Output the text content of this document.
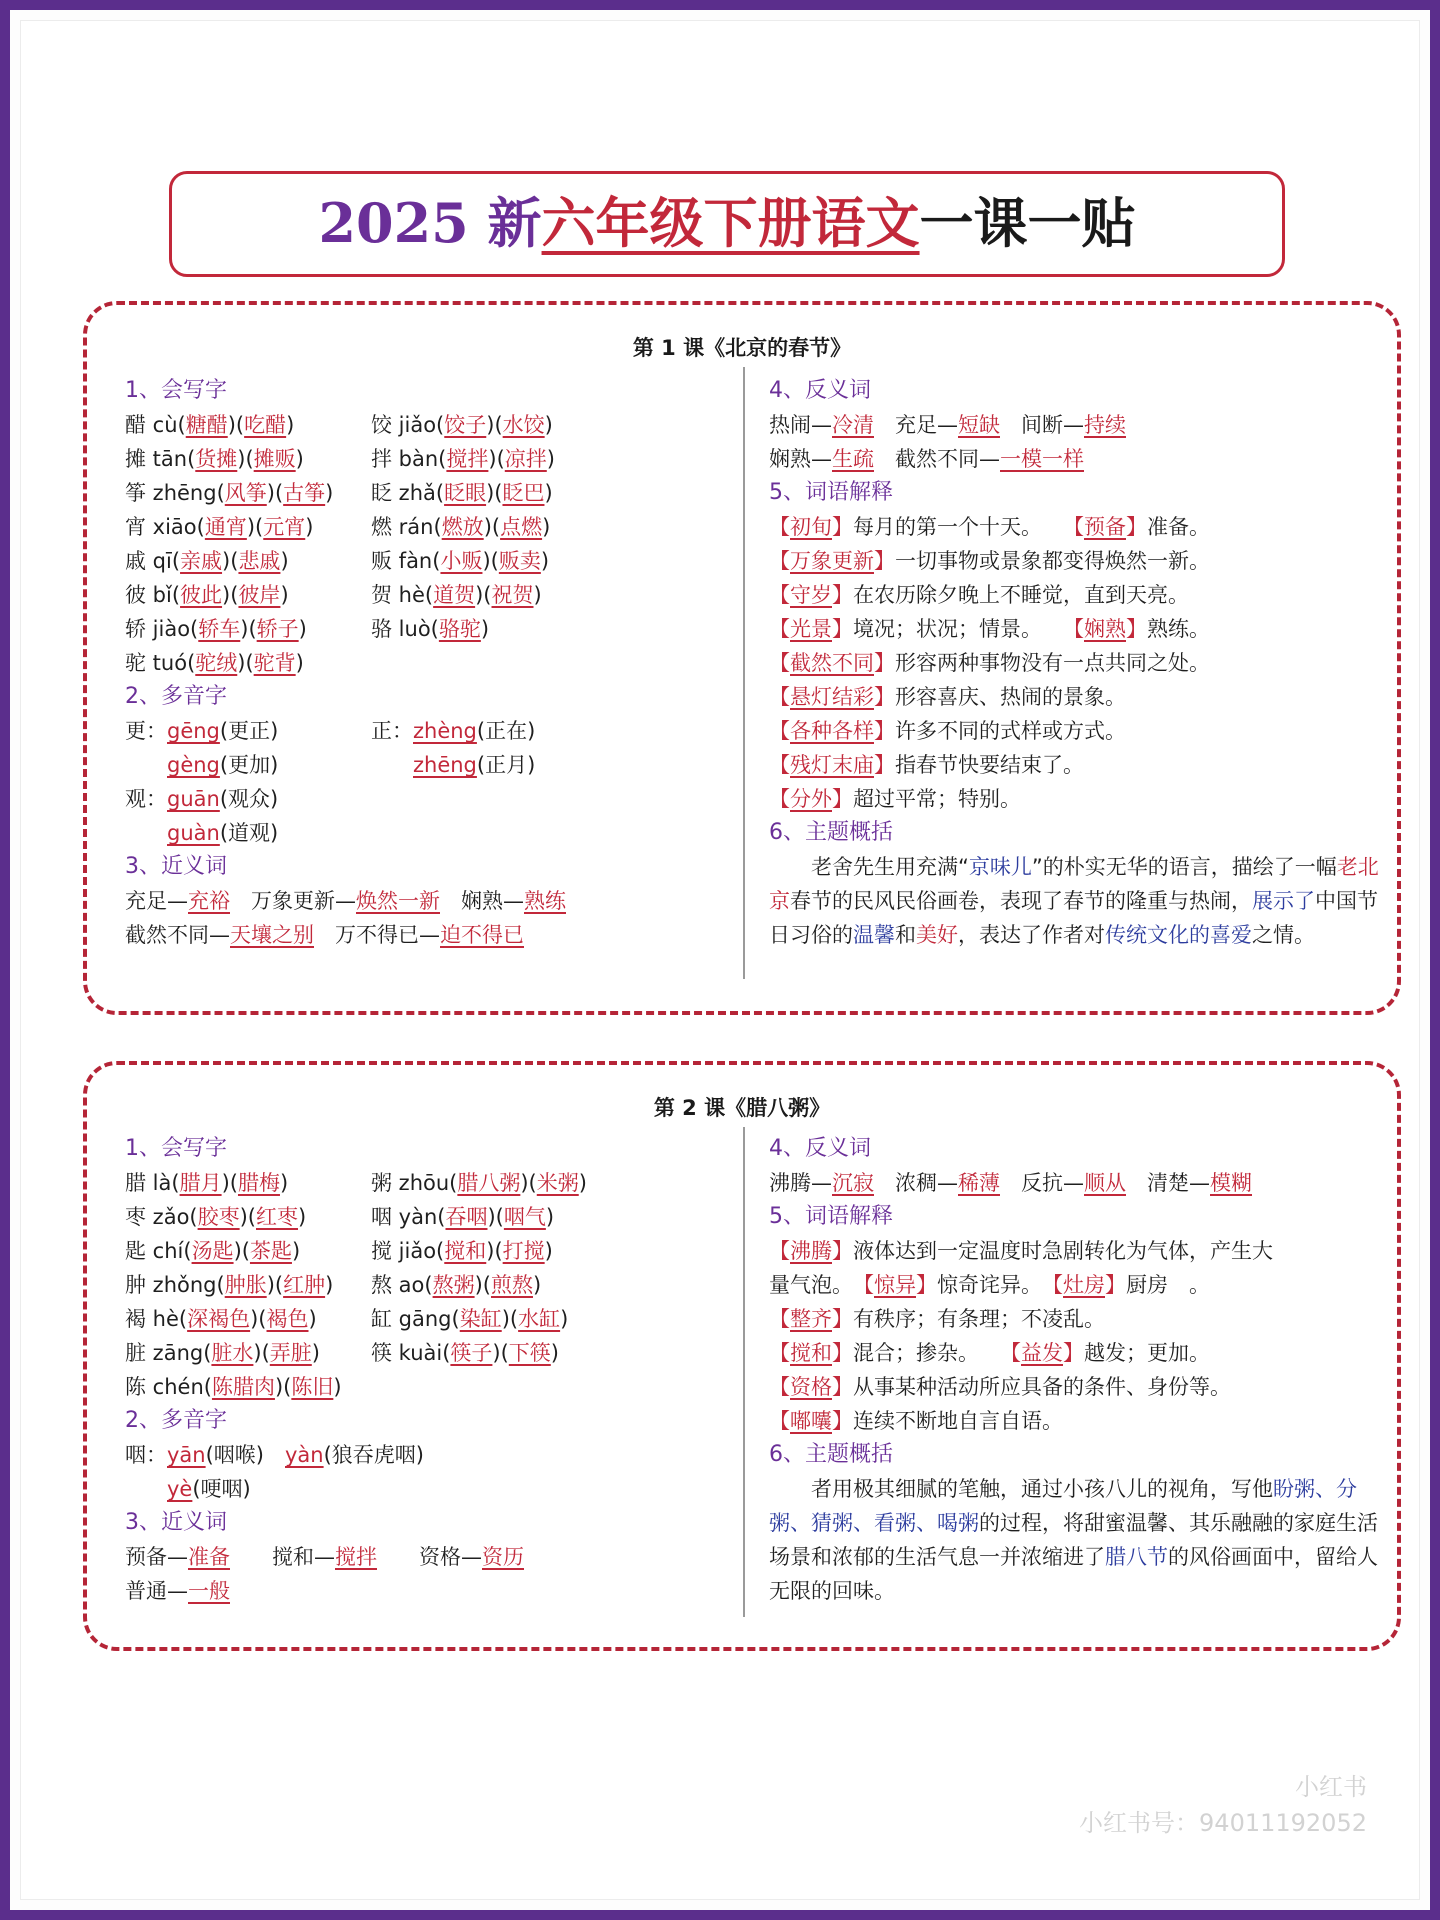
2025 新六年级下册语文一课一贴
第 1 课《北京的春节》
1、会写字
醋 cù(糖醋)(吃醋)	饺 jiǎo(饺子)(水饺)
摊 tān(货摊)(摊贩)	拌 bàn(搅拌)(凉拌)
筝 zhēng(风筝)(古筝) 眨 zhǎ(眨眼)(眨巴)
宵 xiāo(通宵)(元宵)	燃 rán(燃放)(点燃)
戚 qī(亲戚)(悲戚)	贩 fàn(小贩)(贩卖)
彼 bǐ(彼此)(彼岸)	贺 hè(道贺)(祝贺)
轿 jiào(轿车)(轿子)	骆 luò(骆驼)
驼 tuó(驼绒)(驼背)
2、多音字
更：gēng(更正)	正：zhèng(正在)
　　gèng(更加)　　	zhēng(正月)
观：guān(观众)
　　guàn(道观)
3、近义词
充足—充裕　万象更新—焕然一新　娴熟—熟练
截然不同—天壤之别　万不得已—迫不得已
4、反义词
热闹—冷清　充足—短缺　间断—持续
娴熟—生疏　截然不同—一模一样
5、词语解释
【初旬】每月的第一个十天。　　【预备】准备。
【万象更新】一切事物或景象都变得焕然一新。
【守岁】在农历除夕晚上不睡觉，直到天亮。
【光景】境况；状况；情景。　　【娴熟】熟练。
【截然不同】形容两种事物没有一点共同之处。
【悬灯结彩】形容喜庆、热闹的景象。
【各种各样】许多不同的式样或方式。
【残灯末庙】指春节快要结束了。
【分外】超过平常；特别。
6、主题概括
老舍先生用充满“京味儿”的朴实无华的语言，描绘了一幅老北京春节的民风民俗画卷，表现了春节的隆重与热闹，展示了中国节日习俗的温馨和美好，表达了作者对传统文化的喜爱之情。
第 2 课《腊八粥》
1、会写字
腊 là(腊月)(腊梅)	粥 zhōu(腊八粥)(米粥)
枣 zǎo(胶枣)(红枣)	咽 yàn(吞咽)(咽气)
匙 chí(汤匙)(茶匙)	搅 jiǎo(搅和)(打搅)
肿 zhǒng(肿胀)(红肿) 熬 ao(熬粥)(煎熬)
褐 hè(深褐色)(褐色)	缸 gāng(染缸)(水缸)
脏 zāng(脏水)(弄脏) 筷 kuài(筷子)(下筷)
陈 chén(陈腊肉)(陈旧)
2、多音字
咽：yān(咽喉)　yàn(狼吞虎咽)
　　yè(哽咽)
3、近义词
预备—准备　　搅和—搅拌　　资格—资历
普通—一般
4、反义词
沸腾—沉寂　浓稠—稀薄　反抗—顺从　清楚—模糊
5、词语解释
【沸腾】液体达到一定温度时急剧转化为气体，产生大
量气泡。　【惊异】惊奇诧异。　【灶房】厨房　。
【整齐】有秩序；有条理；不凌乱。
【搅和】混合；掺杂。　　【益发】越发；更加。
【资格】从事某种活动所应具备的条件、身份等。
【嘟囔】连续不断地自言自语。
6、主题概括
者用极其细腻的笔触，通过小孩八儿的视角，写他盼粥、分粥、猜粥、看粥、喝粥的过程，将甜蜜温馨、其乐融融的家庭生活场景和浓郁的生活气息一并浓缩进了腊八节的风俗画面中，留给人无限的回味。
小红书
小红书号：94011192052
